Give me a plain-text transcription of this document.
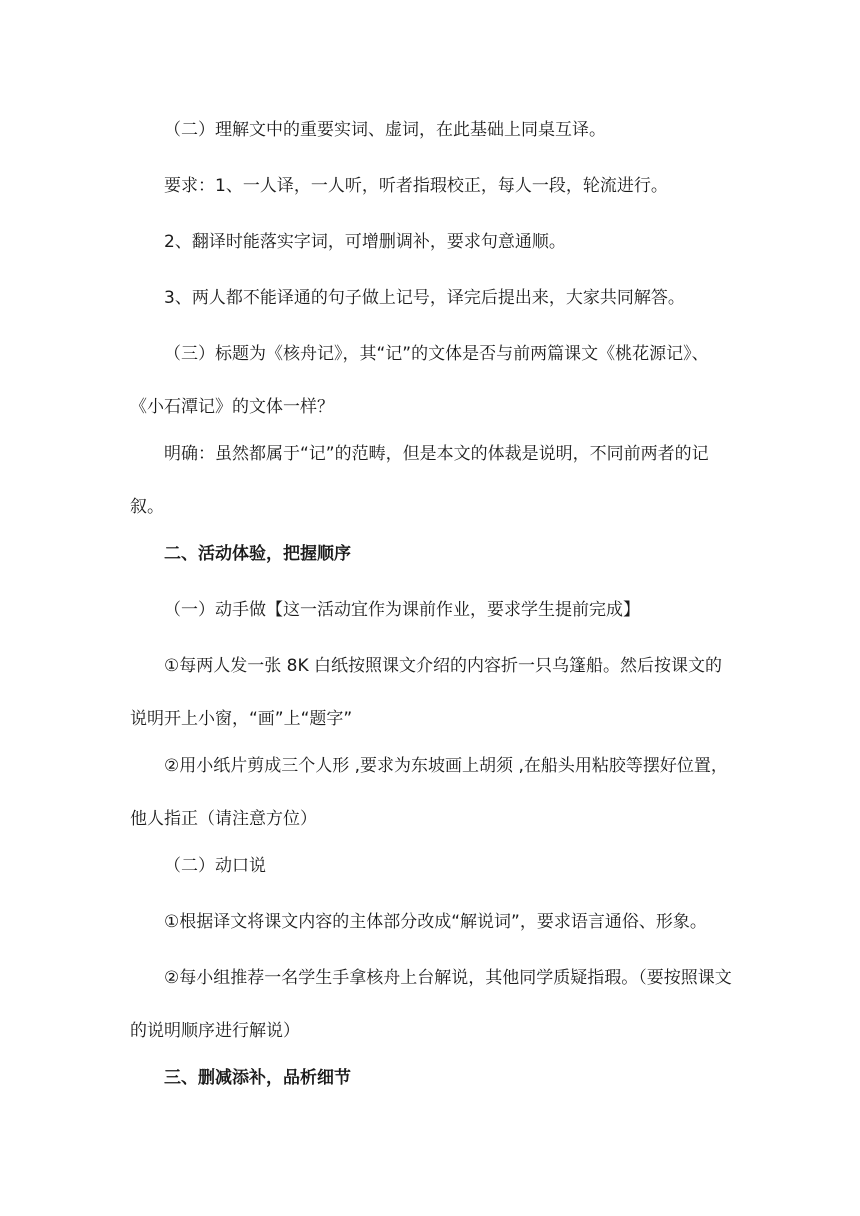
（二）理解文中的重要实词、虚词，在此基础上同桌互译。

要求：1、一人译，一人听，听者指瑕校正，每人一段，轮流进行。

2、翻译时能落实字词，可增删调补，要求句意通顺。

3、两人都不能译通的句子做上记号，译完后提出来，大家共同解答。

（三）标题为《核舟记》，其“记”的文体是否与前两篇课文《桃花源记》、《小石潭记》的文体一样？

明确：虽然都属于“记”的范畴，但是本文的体裁是说明，不同前两者的记叙。

二、活动体验，把握顺序

（一）动手做【这一活动宜作为课前作业，要求学生提前完成】

①每两人发一张 8K 白纸按照课文介绍的内容折一只乌篷船。然后按课文的说明开上小窗，“画”上“题字”

②用小纸片剪成三个人形 ,要求为东坡画上胡须 ,在船头用粘胶等摆好位置，他人指正（请注意方位）

（二）动口说

①根据译文将课文内容的主体部分改成“解说词”，要求语言通俗、形象。

②每小组推荐一名学生手拿核舟上台解说，其他同学质疑指瑕。（要按照课文的说明顺序进行解说）

三、删减添补，品析细节
